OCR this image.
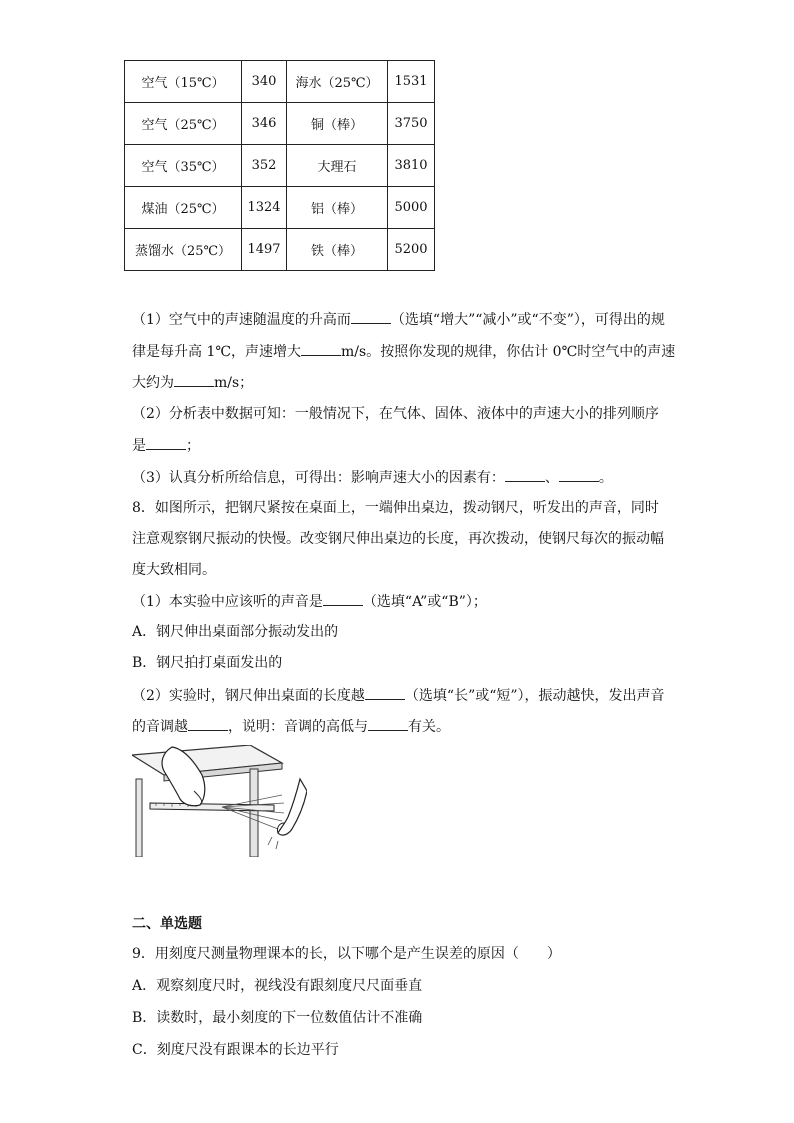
空气（15℃）	340	海水（25℃）	1531
空气（25℃）	346	铜（棒）	3750
空气（35℃）	352	大理石	3810
煤油（25℃）	1324	铝（棒）	5000
蒸馏水（25℃）	1497	铁（棒）	5200
（1）空气中的声速随温度的升高而	（选填“增大”“减小”或“不变”），可得出的规
律是每升高 1℃，声速增大	m/s。按照你发现的规律，你估计 0℃时空气中的声速
大约为	m/s；
（2）分析表中数据可知：一般情况下，在气体、固体、液体中的声速大小的排列顺序
是	；
（3）认真分析所给信息，可得出：影响声速大小的因素有：	、	。
8．如图所示，把钢尺紧按在桌面上，一端伸出桌边，拨动钢尺，听发出的声音，同时
注意观察钢尺振动的快慢。改变钢尺伸出桌边的长度，再次拨动，使钢尺每次的振动幅
度大致相同。
（1）本实验中应该听的声音是	（选填“A”或“B”）；
A．钢尺伸出桌面部分振动发出的
B．钢尺拍打桌面发出的
（2）实验时，钢尺伸出桌面的长度越	（选填“长”或“短”），振动越快，发出声音
的音调越	，说明：音调的高低与	有关。
二、单选题
9．用刻度尺测量物理课本的长，以下哪个是产生误差的原因（　　）
A．观察刻度尺时，视线没有跟刻度尺尺面垂直
B．读数时，最小刻度的下一位数值估计不准确
C．刻度尺没有跟课本的长边平行
